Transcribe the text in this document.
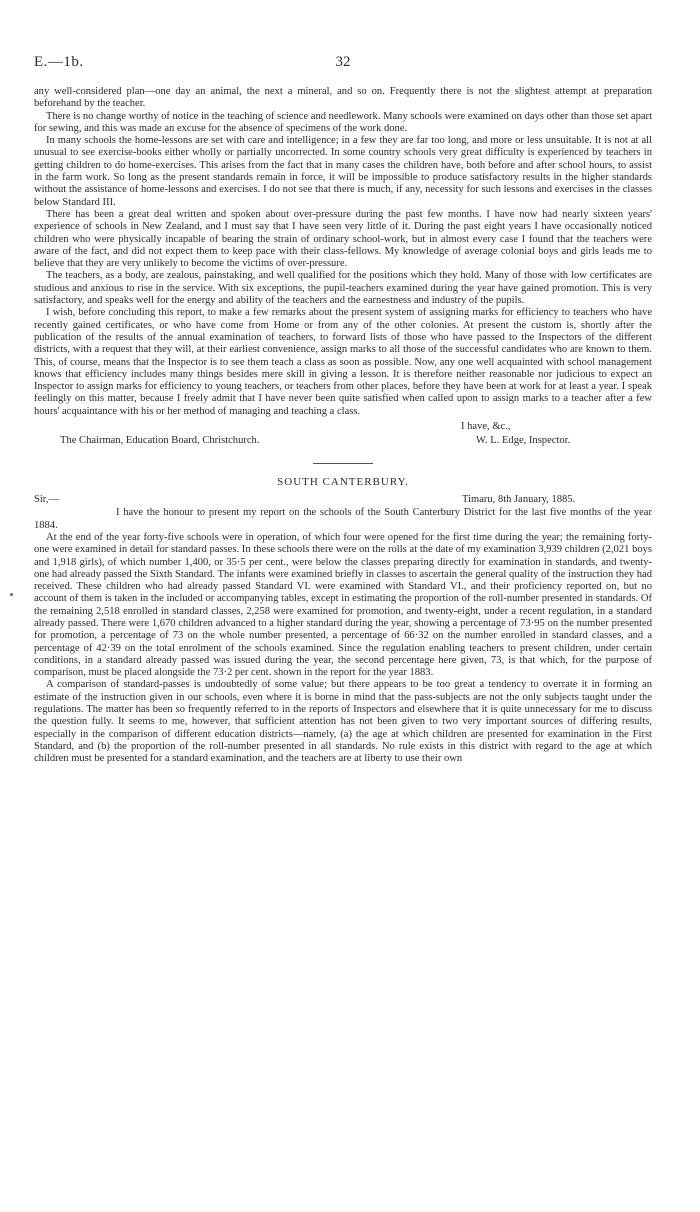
E.—1b.	32

any well-considered plan—one day an animal, the next a mineral, and so on. Frequently there is not the slightest attempt at preparation beforehand by the teacher.

There is no change worthy of notice in the teaching of science and needlework. Many schools were examined on days other than those set apart for sewing, and this was made an excuse for the absence of specimens of the work done.

In many schools the home-lessons are set with care and intelligence; in a few they are far too long, and more or less unsuitable. It is not at all unusual to see exercise-books either wholly or partially uncorrected. In some country schools very great difficulty is experienced by teachers in getting children to do home-exercises. This arises from the fact that in many cases the children have, both before and after school hours, to assist in the farm work. So long as the present standards remain in force, it will be impossible to produce satisfactory results in the higher standards without the assistance of home-lessons and exercises. I do not see that there is much, if any, necessity for such lessons and exercises in the classes below Standard III.

There has been a great deal written and spoken about over-pressure during the past few months. I have now had nearly sixteen years' experience of schools in New Zealand, and I must say that I have seen very little of it. During the past eight years I have occasionally noticed children who were physically incapable of bearing the strain of ordinary school-work, but in almost every case I found that the teachers were aware of the fact, and did not expect them to keep pace with their class-fellows. My knowledge of average colonial boys and girls leads me to believe that they are very unlikely to become the victims of over-pressure.

The teachers, as a body, are zealous, painstaking, and well qualified for the positions which they hold. Many of those with low certificates are studious and anxious to rise in the service. With six exceptions, the pupil-teachers examined during the year have gained promotion. This is very satisfactory, and speaks well for the energy and ability of the teachers and the earnestness and industry of the pupils.

I wish, before concluding this report, to make a few remarks about the present system of assigning marks for efficiency to teachers who have recently gained certificates, or who have come from Home or from any of the other colonies. At present the custom is, shortly after the publication of the results of the annual examination of teachers, to forward lists of those who have passed to the Inspectors of the different districts, with a request that they will, at their earliest convenience, assign marks to all those of the successful candidates who are known to them. This, of course, means that the Inspector is to see them teach a class as soon as possible. Now, any one well acquainted with school management knows that efficiency includes many things besides mere skill in giving a lesson. It is therefore neither reasonable nor judicious to expect an Inspector to assign marks for efficiency to young teachers, or teachers from other places, before they have been at work for at least a year. I speak feelingly on this matter, because I freely admit that I have never been quite satisfied when called upon to assign marks to a teacher after a few hours' acquaintance with his or her method of managing and teaching a class.

I have, &c.,
The Chairman, Education Board, Christchurch.	W. L. Edge, Inspector.
SOUTH CANTERBURY.
Sir,—	Timaru, 8th January, 1885.

I have the honour to present my report on the schools of the South Canterbury District for the last five months of the year 1884.

At the end of the year forty-five schools were in operation, of which four were opened for the first time during the year; the remaining forty-one were examined in detail for standard passes. In these schools there were on the rolls at the date of my examination 3,939 children (2,021 boys and 1,918 girls), of which number 1,400, or 35·5 per cent., were below the classes preparing directly for examination in standards, and twenty-one had already passed the Sixth Standard. The infants were examined briefly in classes to ascertain the general quality of the instruction they had received. These children who had already passed Standard VI. were examined with Standard VI., and their proficiency reported on, but no account of them is taken in the included or accompanying tables, except in estimating the proportion of the roll-number presented in standards. Of the remaining 2,518 enrolled in standard classes, 2,258 were examined for promotion, and twenty-eight, under a recent regulation, in a standard already passed. There were 1,670 children advanced to a higher standard during the year, showing a percentage of 73·95 on the number presented for promotion, a percentage of 73 on the whole number presented, a percentage of 66·32 on the number enrolled in standard classes, and a percentage of 42·39 on the total enrolment of the schools examined. Since the regulation enabling teachers to present children, under certain conditions, in a standard already passed was issued during the year, the second percentage here given, 73, is that which, for the purpose of comparison, must be placed alongside the 73·2 per cent. shown in the report for the year 1883.

A comparison of standard-passes is undoubtedly of some value; but there appears to be too great a tendency to overrate it in forming an estimate of the instruction given in our schools, even where it is borne in mind that the pass-subjects are not the only subjects taught under the regulations. The matter has been so frequently referred to in the reports of Inspectors and elsewhere that it is quite unnecessary for me to discuss the question fully. It seems to me, however, that sufficient attention has not been given to two very important sources of differing results, especially in the comparison of different education districts—namely, (a) the age at which children are presented for examination in the First Standard, and (b) the proportion of the roll-number presented in all standards. No rule exists in this district with regard to the age at which children must be presented for a standard examination, and the teachers are at liberty to use their own
